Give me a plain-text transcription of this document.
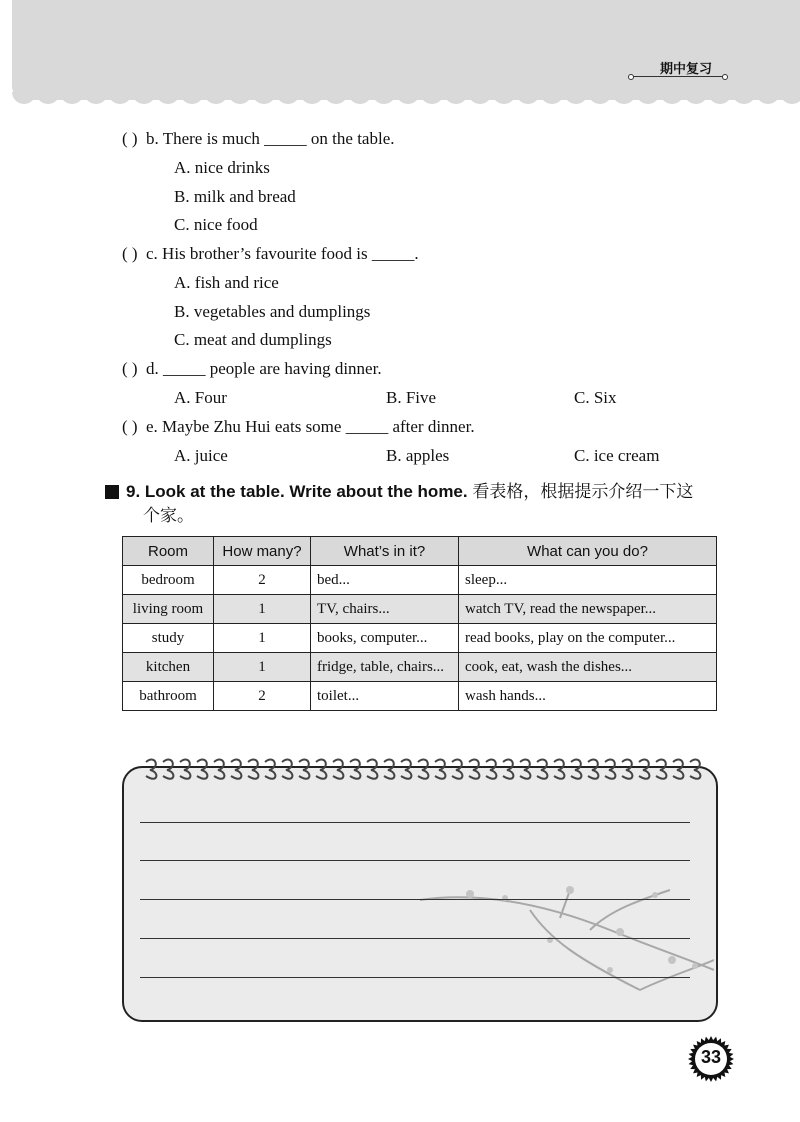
期中复习
( ) b. There is much _____ on the table.
A. nice drinks
B. milk and bread
C. nice food
( ) c. His brother’s favourite food is _____.
A. fish and rice
B. vegetables and dumplings
C. meat and dumplings
( ) d. _____ people are having dinner.
A. Four	B. Five	C. Six
( ) e. Maybe Zhu Hui eats some _____ after dinner.
A. juice	B. apples	C. ice cream
9. Look at the table. Write about the home. 看表格，根据提示介绍一下这
个家。
Room	How many?	What’s in it?	What can you do?
bedroom	2	bed...	sleep...
living room	1	TV, chairs...	watch TV, read the newspaper...
study	1	books, computer...	read books, play on the computer...
kitchen	1	fridge, table, chairs...	cook, eat, wash the dishes...
bathroom	2	toilet...	wash hands...
33
